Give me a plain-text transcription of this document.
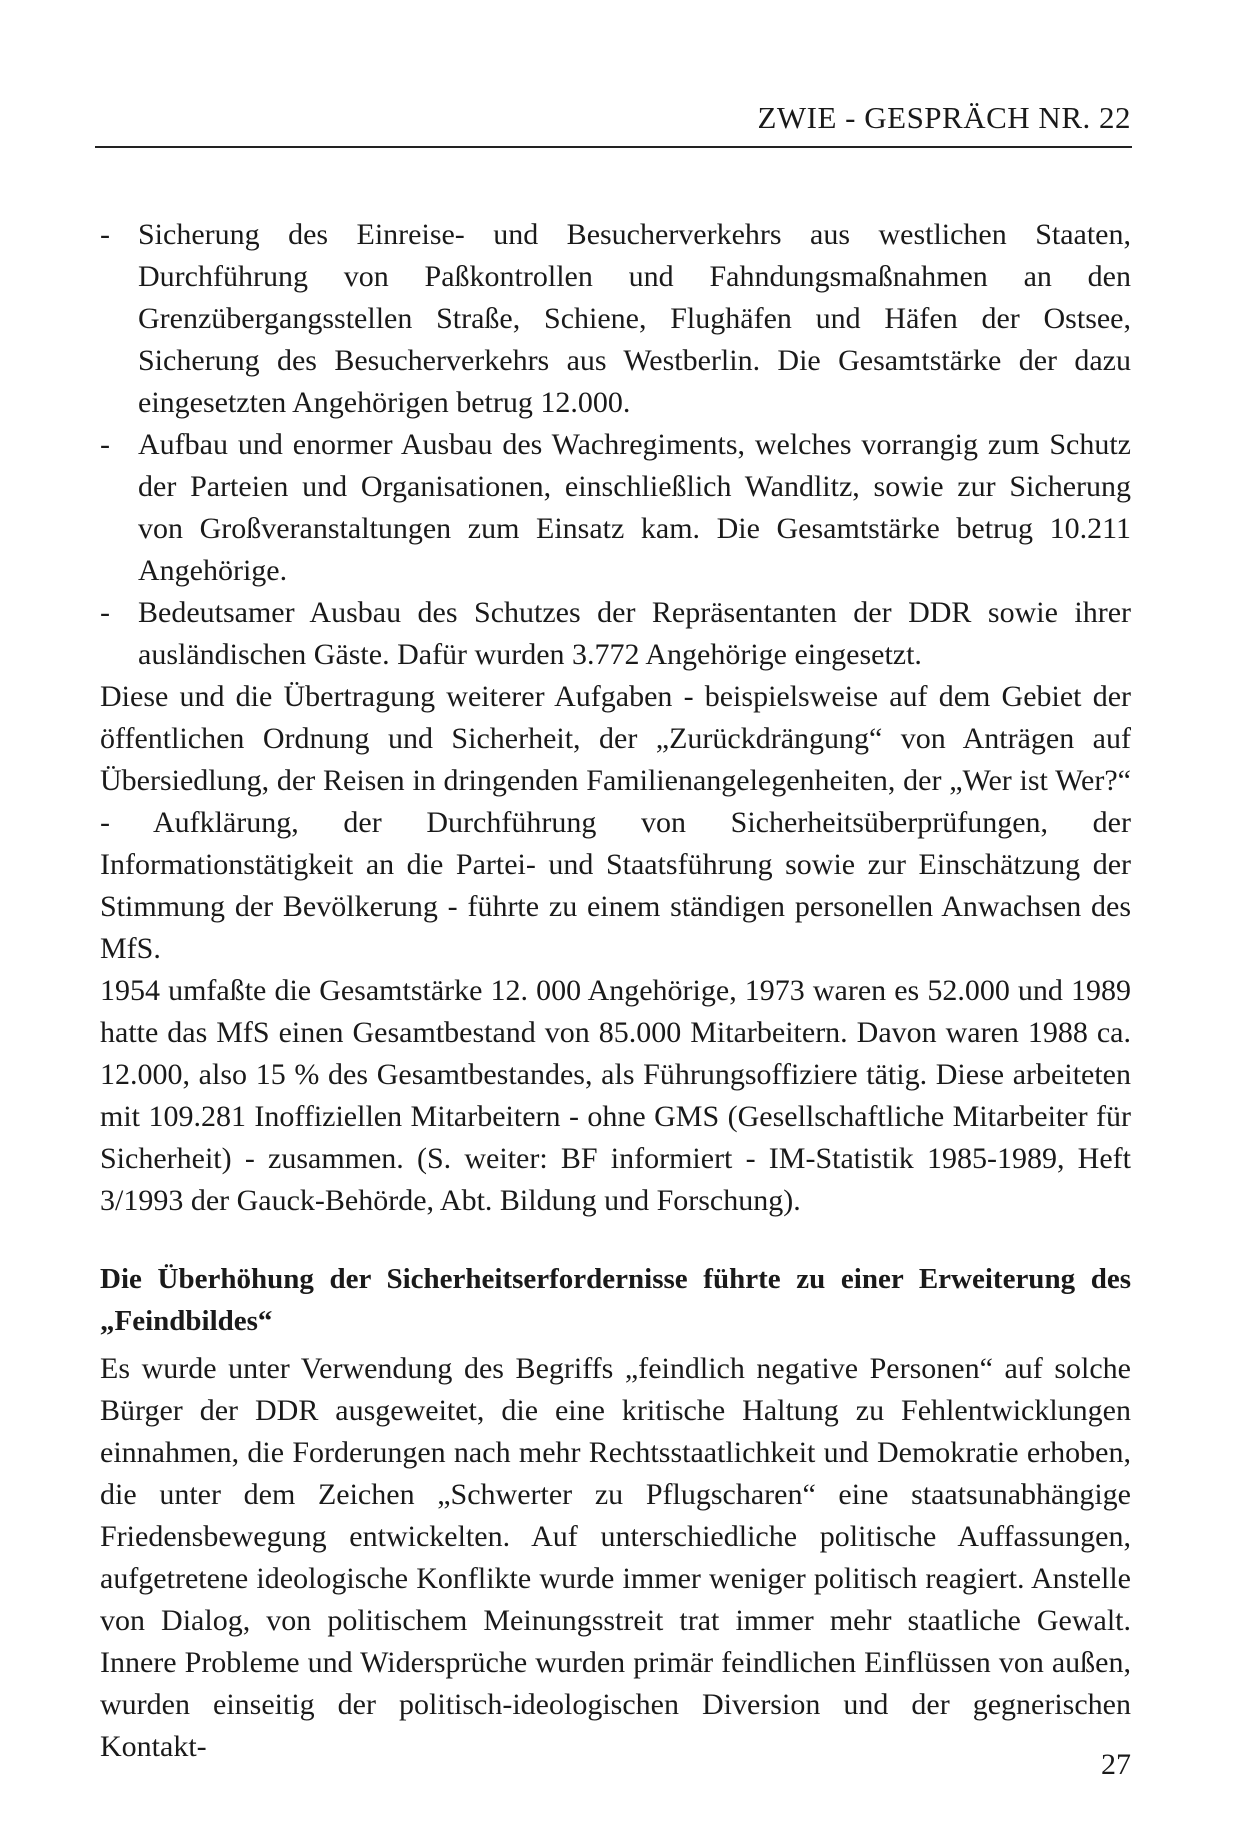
ZWIE - GESPRÄCH NR. 22
- Sicherung des Einreise- und Besucherverkehrs aus westlichen Staaten, Durchführung von Paßkontrollen und Fahndungsmaßnahmen an den Grenzübergangsstellen Straße, Schiene, Flughäfen und Häfen der Ostsee, Sicherung des Besucherverkehrs aus Westberlin. Die Gesamtstärke der dazu eingesetzten Angehörigen betrug 12.000.
- Aufbau und enormer Ausbau des Wachregiments, welches vorrangig zum Schutz der Parteien und Organisationen, einschließlich Wandlitz, sowie zur Sicherung von Großveranstaltungen zum Einsatz kam. Die Gesamtstärke betrug 10.211 Angehörige.
- Bedeutsamer Ausbau des Schutzes der Repräsentanten der DDR sowie ihrer ausländischen Gäste. Dafür wurden 3.772 Angehörige eingesetzt.
Diese und die Übertragung weiterer Aufgaben - beispielsweise auf dem Gebiet der öffentlichen Ordnung und Sicherheit, der „Zurückdrängung“ von Anträgen auf Übersiedlung, der Reisen in dringenden Familienangelegenheiten, der „Wer ist Wer?“ - Aufklärung, der Durchführung von Sicherheitsüberprüfungen, der Informationstätigkeit an die Partei- und Staatsführung sowie zur Einschätzung der Stimmung der Bevölkerung - führte zu einem ständigen personellen Anwachsen des MfS.
1954 umfaßte die Gesamtstärke 12. 000 Angehörige, 1973 waren es 52.000 und 1989 hatte das MfS einen Gesamtbestand von 85.000 Mitarbeitern. Davon waren 1988 ca. 12.000, also 15 % des Gesamtbestandes, als Führungsoffiziere tätig. Diese arbeiteten mit 109.281 Inoffiziellen Mitarbeitern - ohne GMS (Gesellschaftliche Mitarbeiter für Sicherheit) - zusammen. (S. weiter: BF informiert - IM-Statistik 1985-1989, Heft 3/1993 der Gauck-Behörde, Abt. Bildung und Forschung).
Die Überhöhung der Sicherheitserfordernisse führte zu einer Erweiterung des „Feindbildes“
Es wurde unter Verwendung des Begriffs „feindlich negative Personen“ auf solche Bürger der DDR ausgeweitet, die eine kritische Haltung zu Fehlentwicklungen einnahmen, die Forderungen nach mehr Rechtsstaatlichkeit und Demokratie erhoben, die unter dem Zeichen „Schwerter zu Pflugscharen“ eine staatsunabhängige Friedensbewegung entwickelten. Auf unterschiedliche politische Auffassungen, aufgetretene ideologische Konflikte wurde immer weniger politisch reagiert. Anstelle von Dialog, von politischem Meinungsstreit trat immer mehr staatliche Gewalt. Innere Probleme und Widersprüche wurden primär feindlichen Einflüssen von außen, wurden einseitig der politisch-ideologischen Diversion und der gegnerischen Kontakt-
27
